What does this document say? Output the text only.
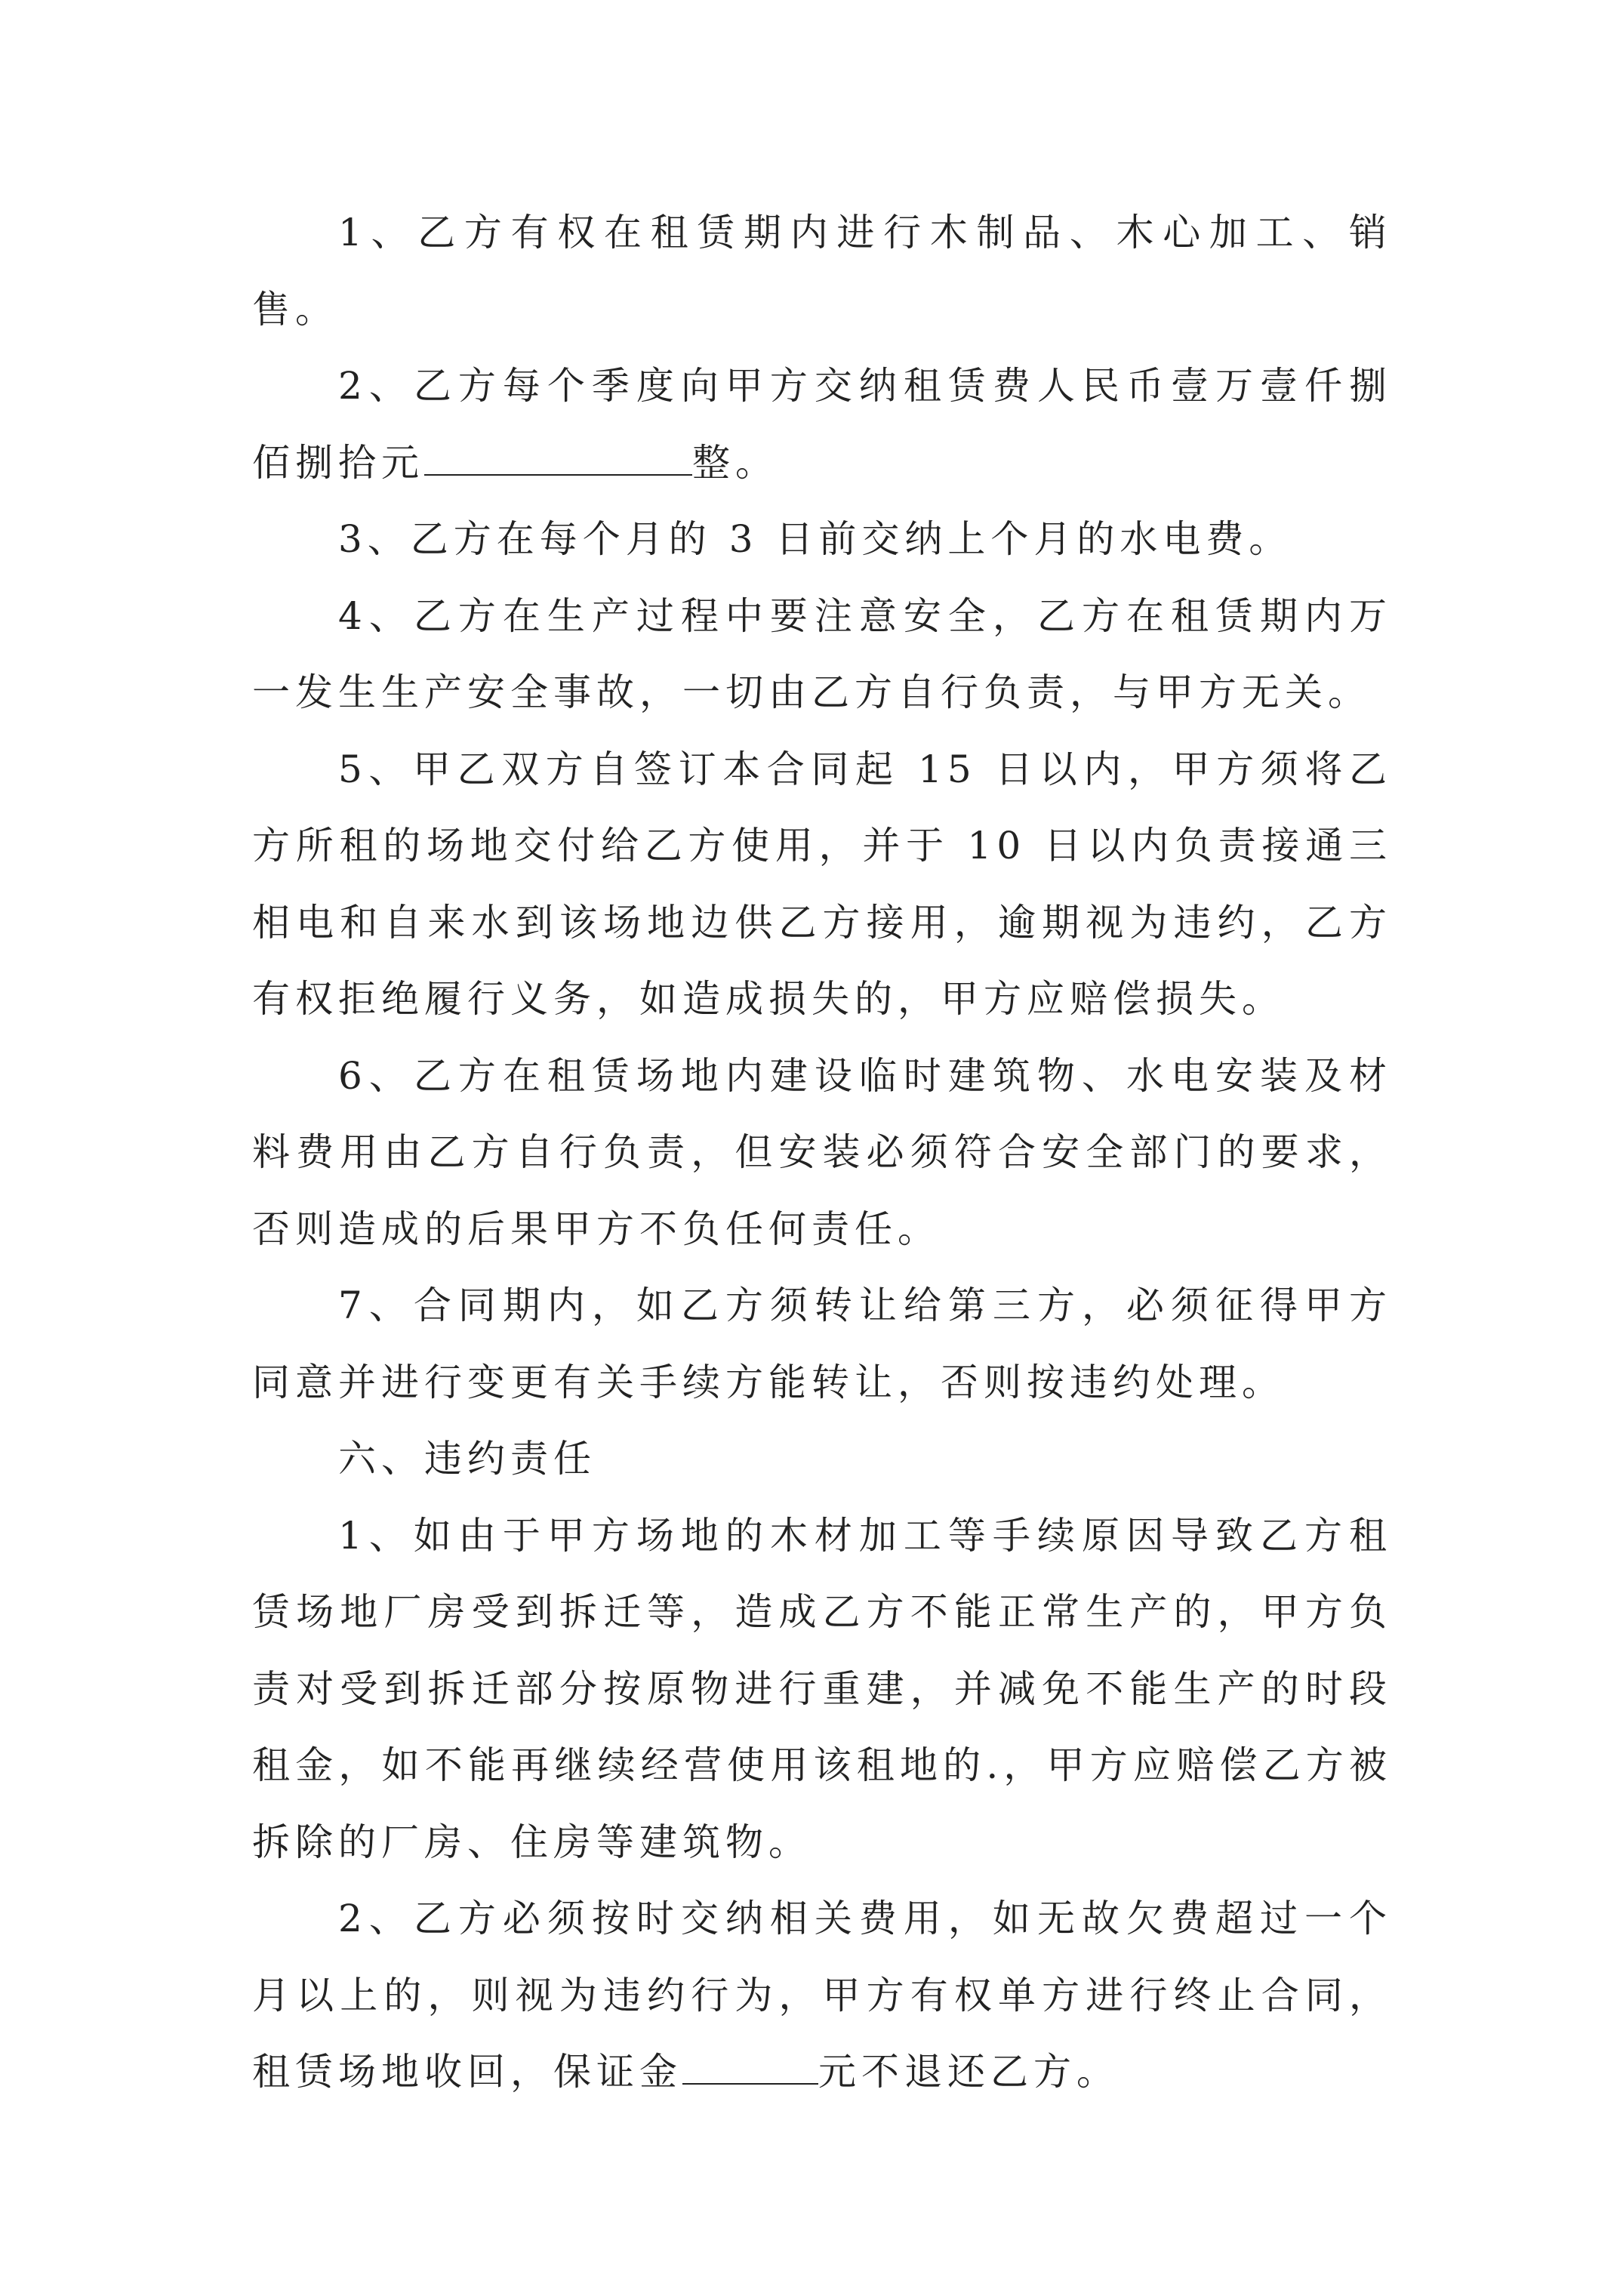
1、乙方有权在租赁期内进行木制品、木心加工、销售。

2、乙方每个季度向甲方交纳租赁费人民币壹万壹仟捌佰捌拾元	整。

3、乙方在每个月的 3 日前交纳上个月的水电费。

4、乙方在生产过程中要注意安全，乙方在租赁期内万一发生生产安全事故，一切由乙方自行负责，与甲方无关。

5、甲乙双方自签订本合同起 15 日以内，甲方须将乙方所租的场地交付给乙方使用，并于 10 日以内负责接通三相电和自来水到该场地边供乙方接用，逾期视为违约，乙方有权拒绝履行义务，如造成损失的，甲方应赔偿损失。

6、乙方在租赁场地内建设临时建筑物、水电安装及材料费用由乙方自行负责，但安装必须符合安全部门的要求，否则造成的后果甲方不负任何责任。

7、合同期内，如乙方须转让给第三方，必须征得甲方同意并进行变更有关手续方能转让，否则按违约处理。

六、违约责任

1、如由于甲方场地的木材加工等手续原因导致乙方租赁场地厂房受到拆迁等，造成乙方不能正常生产的，甲方负责对受到拆迁部分按原物进行重建，并减免不能生产的时段租金，如不能再继续经营使用该租地的.，甲方应赔偿乙方被拆除的厂房、住房等建筑物。

2、乙方必须按时交纳相关费用，如无故欠费超过一个月以上的，则视为违约行为，甲方有权单方进行终止合同，租赁场地收回，保证金	元不退还乙方。
